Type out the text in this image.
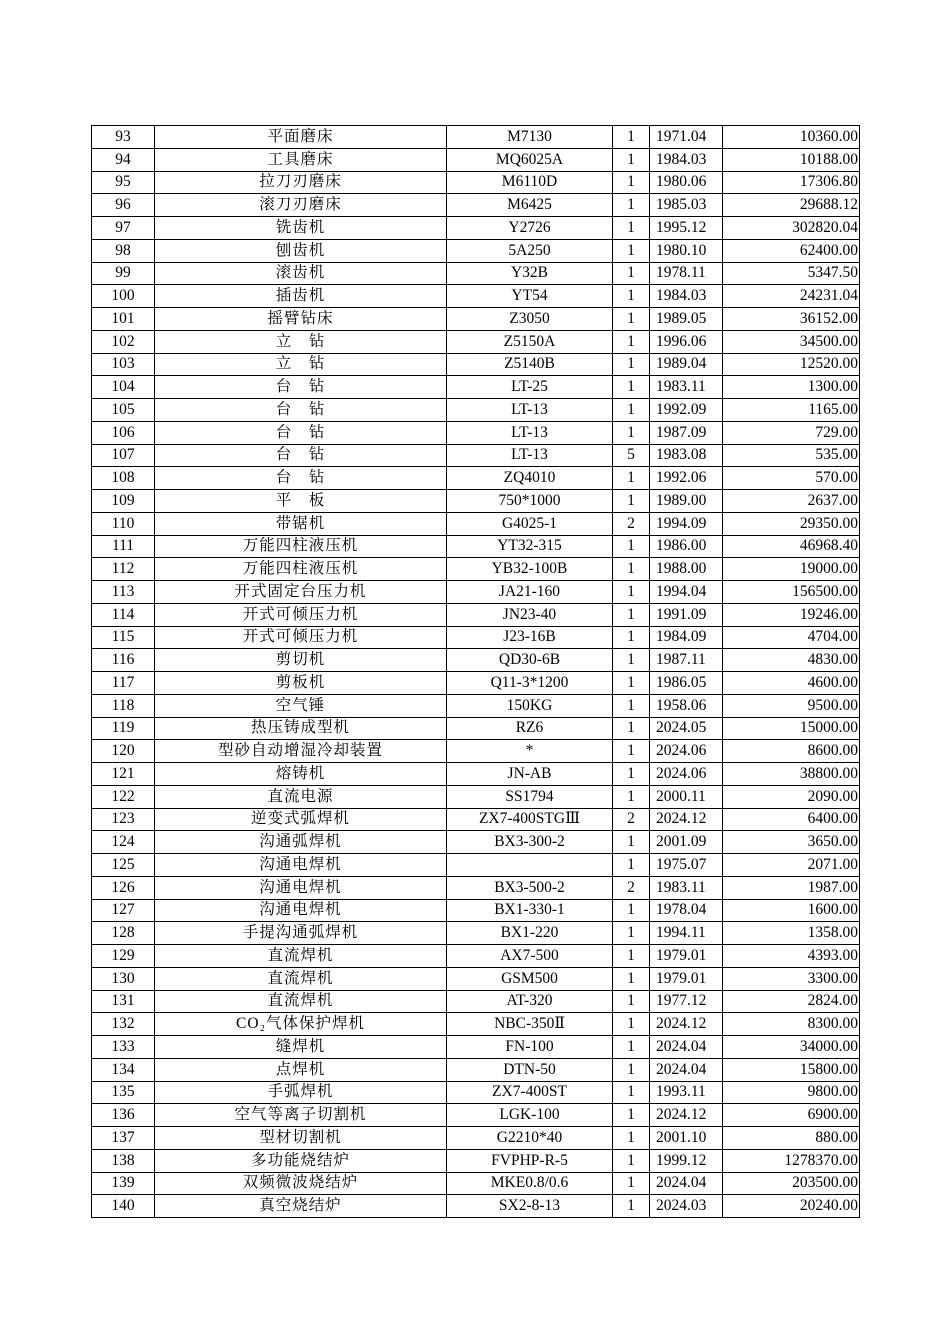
93	平面磨床	M7130	1	1971.04	10360.00
94	工具磨床	MQ6025A	1	1984.03	10188.00
95	拉刀刃磨床	M6110D	1	1980.06	17306.80
96	滚刀刃磨床	M6425	1	1985.03	29688.12
97	铣齿机	Y2726	1	1995.12	302820.04
98	刨齿机	5A250	1	1980.10	62400.00
99	滚齿机	Y32B	1	1978.11	5347.50
100	插齿机	YT54	1	1984.03	24231.04
101	摇臂钻床	Z3050	1	1989.05	36152.00
102	立　钻	Z5150A	1	1996.06	34500.00
103	立　钻	Z5140B	1	1989.04	12520.00
104	台　钻	LT-25	1	1983.11	1300.00
105	台　钻	LT-13	1	1992.09	1165.00
106	台　钻	LT-13	1	1987.09	729.00
107	台　钻	LT-13	5	1983.08	535.00
108	台　钻	ZQ4010	1	1992.06	570.00
109	平　板	750*1000	1	1989.00	2637.00
110	带锯机	G4025-1	2	1994.09	29350.00
111	万能四柱液压机	YT32-315	1	1986.00	46968.40
112	万能四柱液压机	YB32-100B	1	1988.00	19000.00
113	开式固定台压力机	JA21-160	1	1994.04	156500.00
114	开式可倾压力机	JN23-40	1	1991.09	19246.00
115	开式可倾压力机	J23-16B	1	1984.09	4704.00
116	剪切机	QD30-6B	1	1987.11	4830.00
117	剪板机	Q11-3*1200	1	1986.05	4600.00
118	空气锤	150KG	1	1958.06	9500.00
119	热压铸成型机	RZ6	1	2024.05	15000.00
120	型砂自动增湿冷却装置	*	1	2024.06	8600.00
121	熔铸机	JN-AB	1	2024.06	38800.00
122	直流电源	SS1794	1	2000.11	2090.00
123	逆变式弧焊机	ZX7-400STGⅢ	2	2024.12	6400.00
124	沟通弧焊机	BX3-300-2	1	2001.09	3650.00
125	沟通电焊机		1	1975.07	2071.00
126	沟通电焊机	BX3-500-2	2	1983.11	1987.00
127	沟通电焊机	BX1-330-1	1	1978.04	1600.00
128	手提沟通弧焊机	BX1-220	1	1994.11	1358.00
129	直流焊机	AX7-500	1	1979.01	4393.00
130	直流焊机	GSM500	1	1979.01	3300.00
131	直流焊机	AT-320	1	1977.12	2824.00
132	CO₂气体保护焊机	NBC-350Ⅱ	1	2024.12	8300.00
133	缝焊机	FN-100	1	2024.04	34000.00
134	点焊机	DTN-50	1	2024.04	15800.00
135	手弧焊机	ZX7-400ST	1	1993.11	9800.00
136	空气等离子切割机	LGK-100	1	2024.12	6900.00
137	型材切割机	G2210*40	1	2001.10	880.00
138	多功能烧结炉	FVPHP-R-5	1	1999.12	1278370.00
139	双频微波烧结炉	MKE0.8/0.6	1	2024.04	203500.00
140	真空烧结炉	SX2-8-13	1	2024.03	20240.00
